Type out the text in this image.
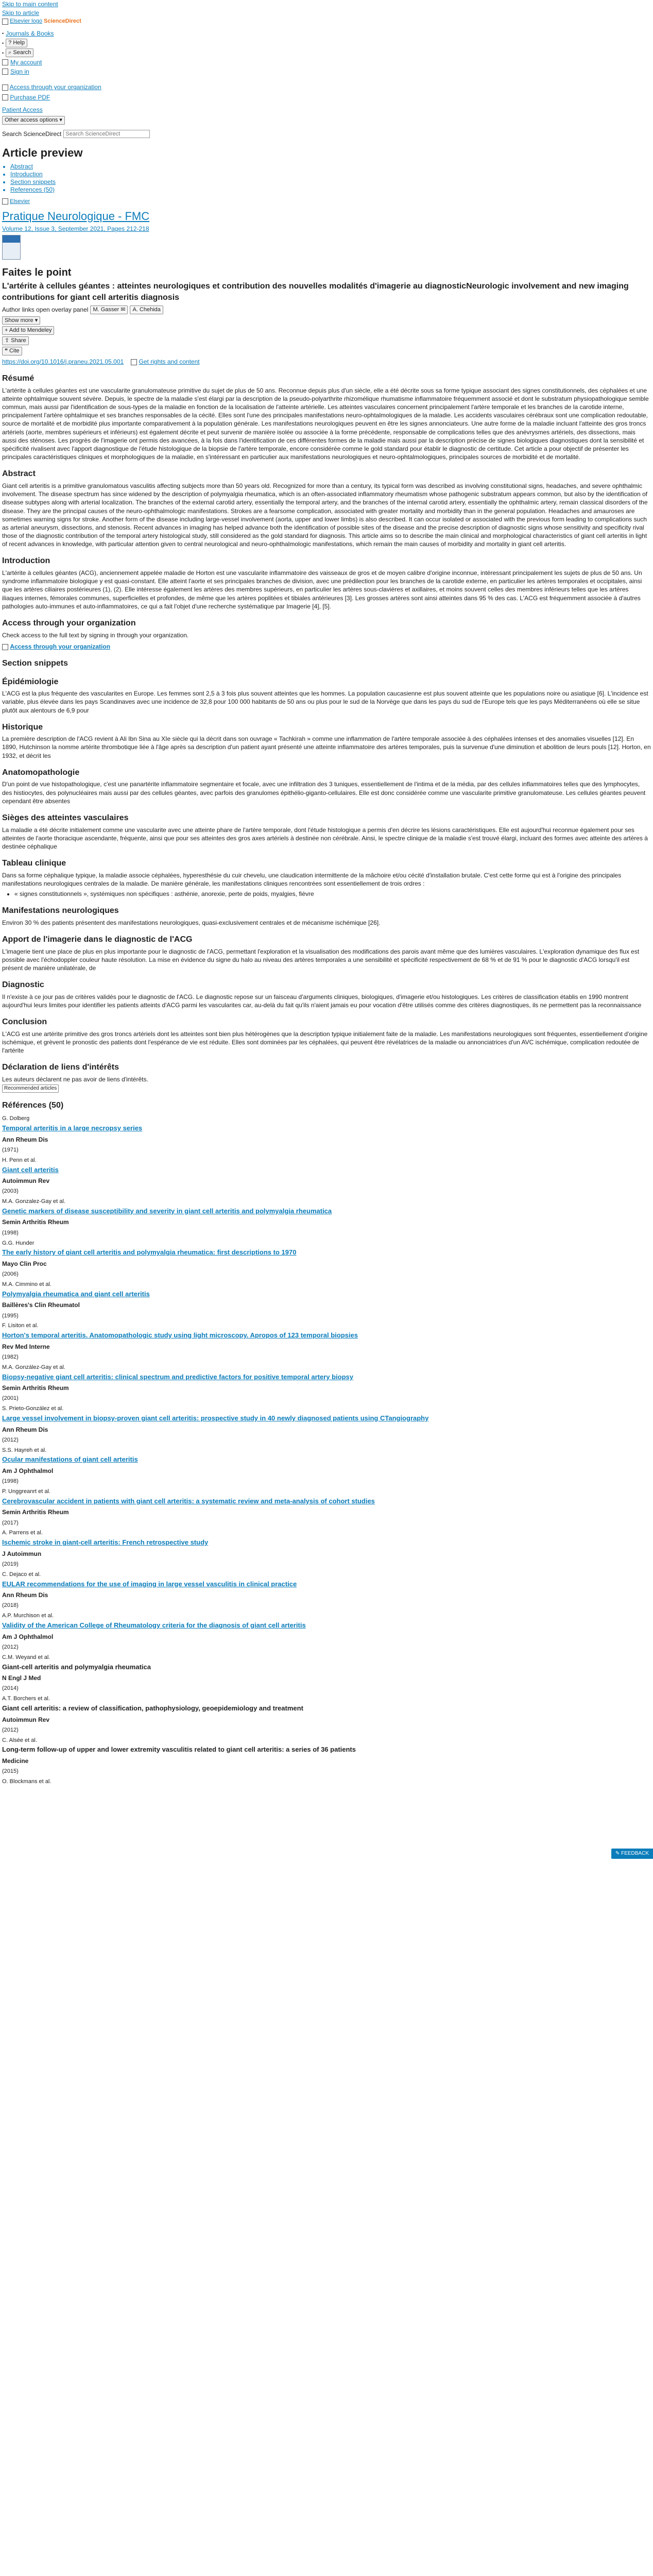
Skip to main content
Skip to article
Elsevier logo ScienceDirect
• Journals & Books
• ? Help
• ⌕ Search
My account
Sign in
Access through your organization
Purchase PDF
Patient Access
Other access options ▾
Search ScienceDirect
Search ScienceDirect
Article preview
• Abstract
• Introduction
• Section snippets
• References (50)
Elsevier
Pratique Neurologique - FMC
Volume 12, Issue 3, September 2021, Pages 212-218
Faites le point
L'artérite à cellules géantes : atteintes neurologiques et contribution des nouvelles modalités d'imagerie au diagnosticNeurologic involvement and new imaging contributions for giant cell arteritis diagnosis
Author links open overlay panel M. Gasser ✉	A. Chehida
Show more ▾
+ Add to Mendeley
⇪ Share
❝ Cite
https://doi.org/10.1016/j.praneu.2021.05.001	Get rights and content
Résumé

L'artérite à cellules géantes est une vascularite granulomateuse primitive du sujet de plus de 50 ans. Reconnue depuis plus d'un siècle, elle a été décrite sous sa forme typique associant des signes constitutionnels, des céphalées et une atteinte ophtalmique souvent sévère. Depuis, le spectre de la maladie s'est élargi par la description de la pseudo-polyarthrite rhizomélique rhumatisme inflammatoire fréquemment associé et dont le substratum physiopathologique semble commun, mais aussi par l'identification de sous-types de la maladie en fonction de la localisation de l'atteinte artérielle. Les atteintes vasculaires concernent principalement l'artère temporale et les branches de la carotide interne, principalement l'artère ophtalmique et ses branches responsables de la cécité. Elles sont l'une des principales manifestations neuro-ophtalmologiques de la maladie. Les accidents vasculaires cérébraux sont une complication redoutable, source de mortalité et de morbidité plus importante comparativement à la population générale. Les manifestations neurologiques peuvent en être les signes annonciateurs. Une autre forme de la maladie incluant l'atteinte des gros troncs artériels (aorte, membres supérieurs et inférieurs) est également décrite et peut survenir de manière isolée ou associée à la forme précédente, responsable de complications telles que des anévrysmes artériels, des dissections, mais aussi des sténoses. Les progrès de l'imagerie ont permis des avancées, à la fois dans l'identification de ces différentes formes de la maladie mais aussi par la description précise de signes biologiques diagnostiques dont la sensibilité et spécificité rivalisent avec l'apport diagnostique de l'étude histologique de la biopsie de l'artère temporale, encore considérée comme le gold standard pour établir le diagnostic de certitude. Cet article a pour objectif de présenter les principales caractéristiques cliniques et morphologiques de la maladie, en s'intéressant en particulier aux manifestations neurologiques et neuro-ophtalmologiques, principales sources de morbidité et de mortalité.

Abstract

Giant cell arteritis is a primitive granulomatous vasculitis affecting subjects more than 50 years old. Recognized for more than a century, its typical form was described as involving constitutional signs, headaches, and severe ophthalmic involvement. The disease spectrum has since widened by the description of polymyalgia rheumatica, which is an often-associated inflammatory rheumatism whose pathogenic substratum appears common, but also by the identification of disease subtypes along with arterial localization. The branches of the external carotid artery, essentially the temporal artery, and the branches of the internal carotid artery, essentially the ophthalmic artery, remain classical disorders of the disease. They are the principal causes of the neuro-ophthalmologic manifestations. Strokes are a fearsome complication, associated with greater mortality and morbidity than in the general population. Headaches and amauroses are sometimes warning signs for stroke. Another form of the disease including large-vessel involvement (aorta, upper and lower limbs) is also described. It can occur isolated or associated with the previous form leading to complications such as arterial aneurysm, dissections, and stenosis. Recent advances in imaging has helped advance both the identification of possible sites of the disease and the precise description of diagnostic signs whose sensitivity and specificity rival those of the diagnostic contribution of the temporal artery histological study, still considered as the gold standard for diagnosis. This article aims so to describe the main clinical and morphological characteristics of giant cell arteritis in light of recent advances in knowledge, with particular attention given to central neurological and neuro-ophthalmologic manifestations, which remain the main causes of morbidity and mortality in giant cell arteritis.

Introduction

L'artérite à cellules géantes (ACG), anciennement appelée maladie de Horton est une vascularite inflammatoire des vaisseaux de gros et de moyen calibre d'origine inconnue, intéressant principalement les sujets de plus de 50 ans. Un syndrome inflammatoire biologique y est quasi-constant. Elle atteint l'aorte et ses principales branches de division, avec une prédilection pour les branches de la carotide externe, en particulier les artères temporales et occipitales, ainsi que les artères ciliaires postérieures (1), (2). Elle intéresse également les artères des membres supérieurs, en particulier les artères sous-clavières et axillaires, et moins souvent celles des membres inférieurs telles que les artères iliaques internes, fémorales communes, superficielles et profondes, de même que les artères poplitées et tibiales antérieures [3]. Les grosses artères sont ainsi atteintes dans 95 % des cas. L'ACG est fréquemment associée à d'autres pathologies auto-immunes et auto-inflammatoires, ce qui a fait l'objet d'une recherche systématique par Imagerie [4], [5].

Access through your organization
Check access to the full text by signing in through your organization.
Access through your organization
Section snippets
Épidémiologie

L'ACG est la plus fréquente des vascularites en Europe. Les femmes sont 2,5 à 3 fois plus souvent atteintes que les hommes. La population caucasienne est plus souvent atteinte que les populations noire ou asiatique [6]. L'incidence est variable, plus élevée dans les pays Scandinaves avec une incidence de 32,8 pour 100 000 habitants de 50 ans ou plus pour le sud de la Norvège que dans les pays du sud de l'Europe tels que les pays Méditerranéens où elle se situe plutôt aux alentours de 6,9 pour

Historique

La première description de l'ACG revient à Ali Ibn Sina au XIe siècle qui la décrit dans son ouvrage « Tachkirah » comme une inflammation de l'artère temporale associée à des céphalées intenses et des anomalies visuelles [12]. En 1890, Hutchinson la nomme artérite thrombotique liée à l'âge après sa description d'un patient ayant présenté une atteinte inflammatoire des artères temporales, puis la survenue d'une diminution et abolition de leurs pouls [12]. Horton, en 1932, et décrit les

Anatomopathologie

D'un point de vue histopathologique, c'est une panartérite inflammatoire segmentaire et focale, avec une infiltration des 3 tuniques, essentiellement de l'intima et de la média, par des cellules inflammatoires telles que des lymphocytes, des histiocytes, des polynucléaires mais aussi par des cellules géantes, avec parfois des granulomes épithélio-giganto-cellulaires. Elle est donc considérée comme une vascularite primitive granulomateuse. Les cellules géantes peuvent cependant être absentes

Sièges des atteintes vasculaires

La maladie a été décrite initialement comme une vascularite avec une atteinte phare de l'artère temporale, dont l'étude histologique a permis d'en décrire les lésions caractéristiques. Elle est aujourd'hui reconnue également pour ses atteintes de l'aorte thoracique ascendante, fréquente, ainsi que pour ses atteintes des gros axes artériels à destinée non cérébrale. Ainsi, le spectre clinique de la maladie s'est trouvé élargi, incluant des formes avec atteinte des artères à destinée céphalique

Tableau clinique

Dans sa forme céphalique typique, la maladie associe céphalées, hyperesthésie du cuir chevelu, une claudication intermittente de la mâchoire et/ou cécité d'installation brutale. C'est cette forme qui est à l'origine des principales manifestations neurologiques centrales de la maladie. De manière générale, les manifestations cliniques rencontrées sont essentiellement de trois ordres :

• « signes constitutionnels », systémiques non spécifiques : asthénie, anorexie, perte de poids, myalgies, fièvre
Manifestations neurologiques

Environ 30 % des patients présentent des manifestations neurologiques, quasi-exclusivement centrales et de mécanisme ischémique [26].

Apport de l'imagerie dans le diagnostic de l'ACG

L'imagerie tient une place de plus en plus importante pour le diagnostic de l'ACG, permettant l'exploration et la visualisation des modifications des parois avant même que des lumières vasculaires. L'exploration dynamique des flux est possible avec l'échodoppler couleur haute résolution. La mise en évidence du signe du halo au niveau des artères temporales a une sensibilité et spécificité respectivement de 68 % et de 91 % pour le diagnostic d'ACG lorsqu'il est présent de manière unilatérale, de

Diagnostic

Il n'existe à ce jour pas de critères validés pour le diagnostic de l'ACG. Le diagnostic repose sur un faisceau d'arguments cliniques, biologiques, d'imagerie et/ou histologiques. Les critères de classification établis en 1990 montrent aujourd'hui leurs limites pour identifier les patients atteints d'ACG parmi les vascularites car, au-delà du fait qu'ils n'aient jamais eu pour vocation d'être utilisés comme des critères diagnostiques, ils ne permettent pas la reconnaissance

Conclusion

L'ACG est une artérite primitive des gros troncs artériels dont les atteintes sont bien plus hétérogènes que la description typique initialement faite de la maladie. Les manifestations neurologiques sont fréquentes, essentiellement d'origine ischémique, et grèvent le pronostic des patients dont l'espérance de vie est réduite. Elles sont dominées par les céphalées, qui peuvent être révélatrices de la maladie ou annonciatrices d'un AVC ischémique, complication redoutée de l'artérite

Déclaration de liens d'intérêts

Les auteurs déclarent ne pas avoir de liens d'intérêts.

Recommended articles
Références (50)
G. Dolberg
Temporal arteritis in a large necropsy series
Ann Rheum Dis
(1971)
H. Penn et al.
Giant cell arteritis
Autoimmun Rev
(2003)
M.A. Gonzalez-Gay et al.
Genetic markers of disease susceptibility and severity in giant cell arteritis and polymyalgia rheumatica
Semin Arthritis Rheum
(1998)
G.G. Hunder
The early history of giant cell arteritis and polymyalgia rheumatica: first descriptions to 1970
Mayo Clin Proc
(2006)
M.A. Cimmino et al.
Polymyalgia rheumatica and giant cell arteritis
Baillères's Clin Rheumatol
(1995)
F. Lisiton et al.
Horton's temporal arteritis. Anatomopathologic study using light microscopy. Apropos of 123 temporal biopsies
Rev Med Interne
(1982)
M.A. González-Gay et al.
Biopsy-negative giant cell arteritis: clinical spectrum and predictive factors for positive temporal artery biopsy
Semin Arthritis Rheum
(2001)
S. Prieto-González et al.
Large vessel involvement in biopsy-proven giant cell arteritis: prospective study in 40 newly diagnosed patients using CTangiography
Ann Rheum Dis
(2012)
S.S. Hayreh et al.
Ocular manifestations of giant cell arteritis
Am J Ophthalmol
(1998)
P. Unggreanrt et al.
Cerebrovascular accident in patients with giant cell arteritis: a systematic review and meta-analysis of cohort studies
Semin Arthritis Rheum
(2017)
A. Parrens et al.
Ischemic stroke in giant-cell arteritis: French retrospective study
J Autoimmun
(2019)
C. Dejaco et al.
EULAR recommendations for the use of imaging in large vessel vasculitis in clinical practice
Ann Rheum Dis
(2018)
A.P. Murchison et al.
Validity of the American College of Rheumatology criteria for the diagnosis of giant cell arteritis
Am J Ophthalmol
(2012)
C.M. Weyand et al.
Giant-cell arteritis and polymyalgia rheumatica
N Engl J Med
(2014)
A.T. Borchers et al.
Giant cell arteritis: a review of classification, pathophysiology, geoepidemiology and treatment
Autoimmun Rev
(2012)
C. Alsée et al.
Long-term follow-up of upper and lower extremity vasculitis related to giant cell arteritis: a series of 36 patients
Medicine
(2015)
O. Blockmans et al.
✎ FEEDBACK
